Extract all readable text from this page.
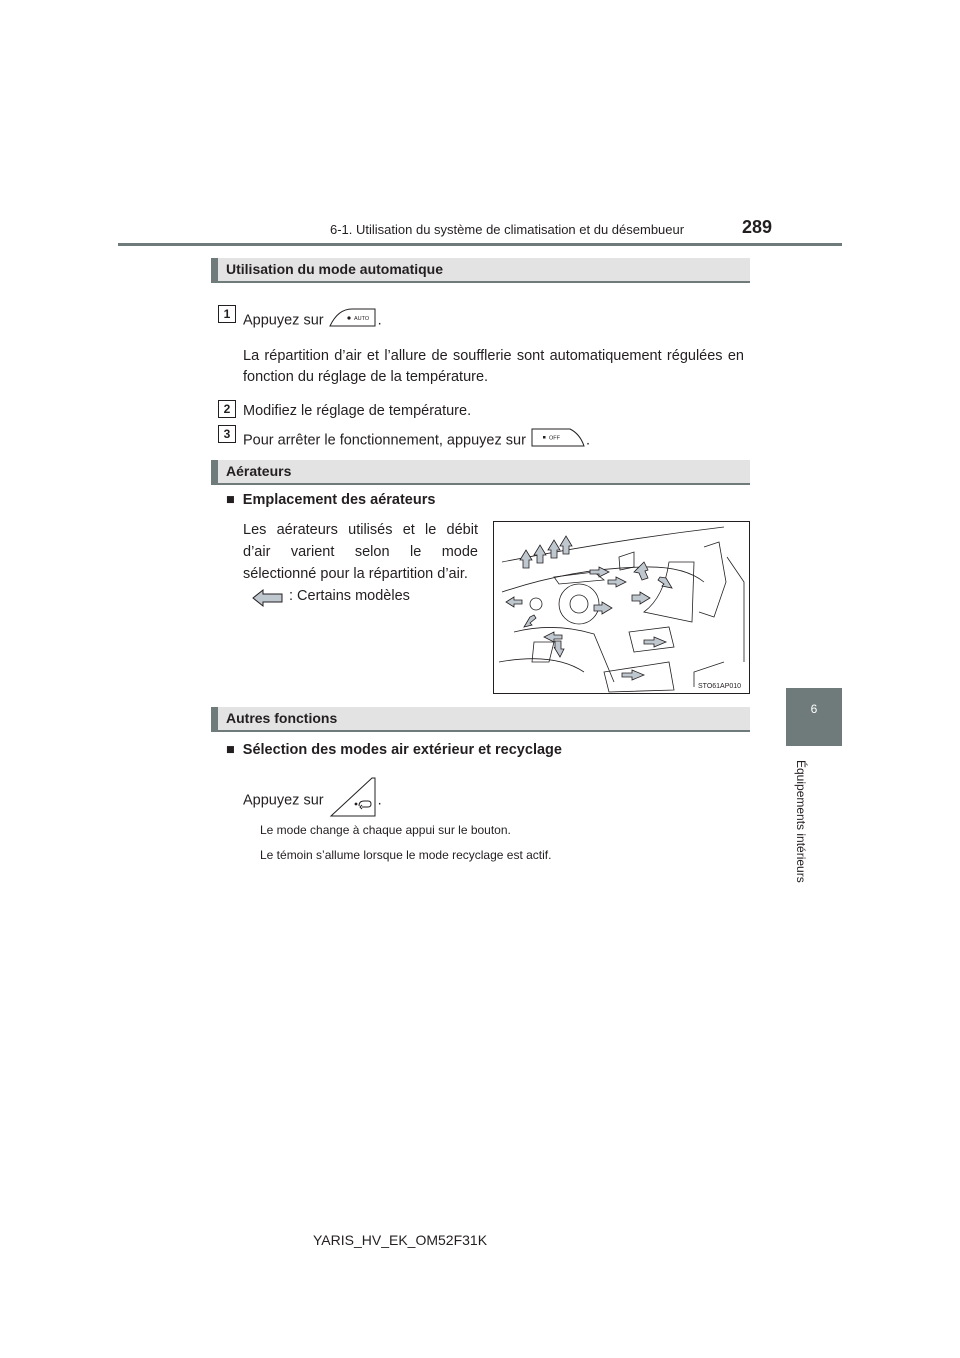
6-1. Utilisation du système de climatisation et du désembueur	289
6
Équipements intérieurs
Utilisation du mode automatique
1 Appuyez sur	AUTO .
La répartition d’air et l’allure de soufflerie sont automatiquement régulées en fonction du réglage de la température.
2 Modifiez le réglage de température.
3 Pour arrêter le fonctionnement, appuyez sur	OFF .
Aérateurs
■ Emplacement des aérateurs
Les aérateurs utilisés et le débit d’air varient selon le mode sélectionné pour la répartition d’air.
: Certains modèles
STO61AP010
Autres fonctions
■ Sélection des modes air extérieur et recyclage
Appuyez sur	.
Le mode change à chaque appui sur le bouton.
Le témoin s’allume lorsque le mode recyclage est actif.
YARIS_HV_EK_OM52F31K
